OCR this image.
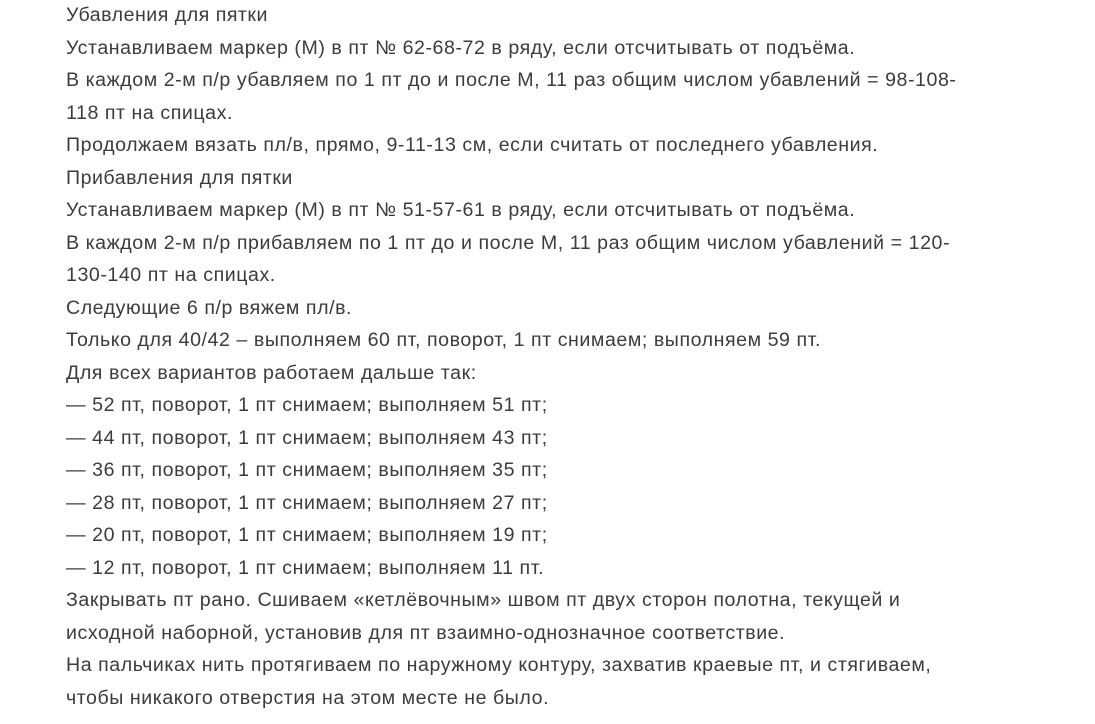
Убавления для пятки
Устанавливаем маркер (М) в пт № 62-68-72 в ряду, если отсчитывать от подъёма.
В каждом 2-м п/р убавляем по 1 пт до и после М, 11 раз общим числом убавлений = 98-108-
118 пт на спицах.
Продолжаем вязать пл/в, прямо, 9-11-13 см, если считать от последнего убавления.
Прибавления для пятки
Устанавливаем маркер (М) в пт № 51-57-61 в ряду, если отсчитывать от подъёма.
В каждом 2-м п/р прибавляем по 1 пт до и после М, 11 раз общим числом убавлений = 120-
130-140 пт на спицах.
Следующие 6 п/р вяжем пл/в.
Только для 40/42 – выполняем 60 пт, поворот, 1 пт снимаем; выполняем 59 пт.
Для всех вариантов работаем дальше так:
— 52 пт, поворот, 1 пт снимаем; выполняем 51 пт;
— 44 пт, поворот, 1 пт снимаем; выполняем 43 пт;
— 36 пт, поворот, 1 пт снимаем; выполняем 35 пт;
— 28 пт, поворот, 1 пт снимаем; выполняем 27 пт;
— 20 пт, поворот, 1 пт снимаем; выполняем 19 пт;
— 12 пт, поворот, 1 пт снимаем; выполняем 11 пт.
Закрывать пт рано. Сшиваем «кетлёвочным» швом пт двух сторон полотна, текущей и
исходной наборной, установив для пт взаимно-однозначное соответствие.
На пальчиках нить протягиваем по наружному контуру, захватив краевые пт, и стягиваем,
чтобы никакого отверстия на этом месте не было.
